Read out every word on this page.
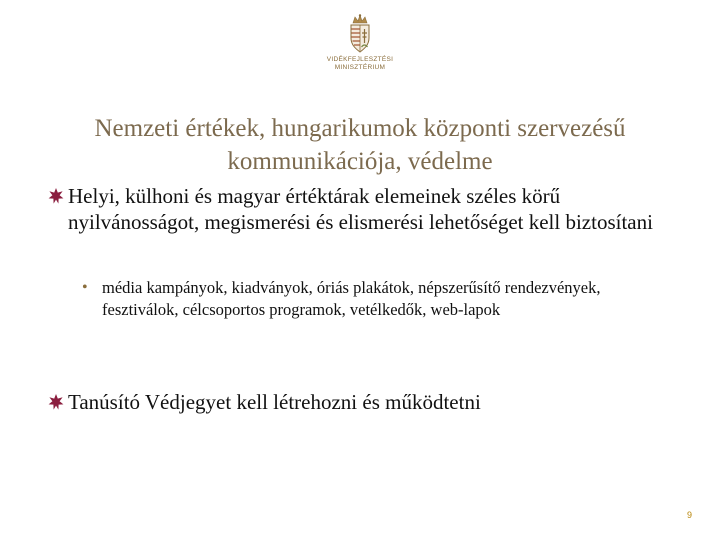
VIDÉKFEJLESZTÉSI
MINISZTÉRIUM
Nemzeti értékek, hungarikumok központi szervezésű
kommunikációja, védelme
Helyi, külhoni és magyar értéktárak elemeinek széles körű nyilvánosságot, megismerési és elismerési lehetőséget kell biztosítani
• média kampányok, kiadványok, óriás plakátok, népszerűsítő rendezvények, fesztiválok, célcsoportos programok, vetélkedők, web-lapok
Tanúsító Védjegyet kell létrehozni és működtetni
9
